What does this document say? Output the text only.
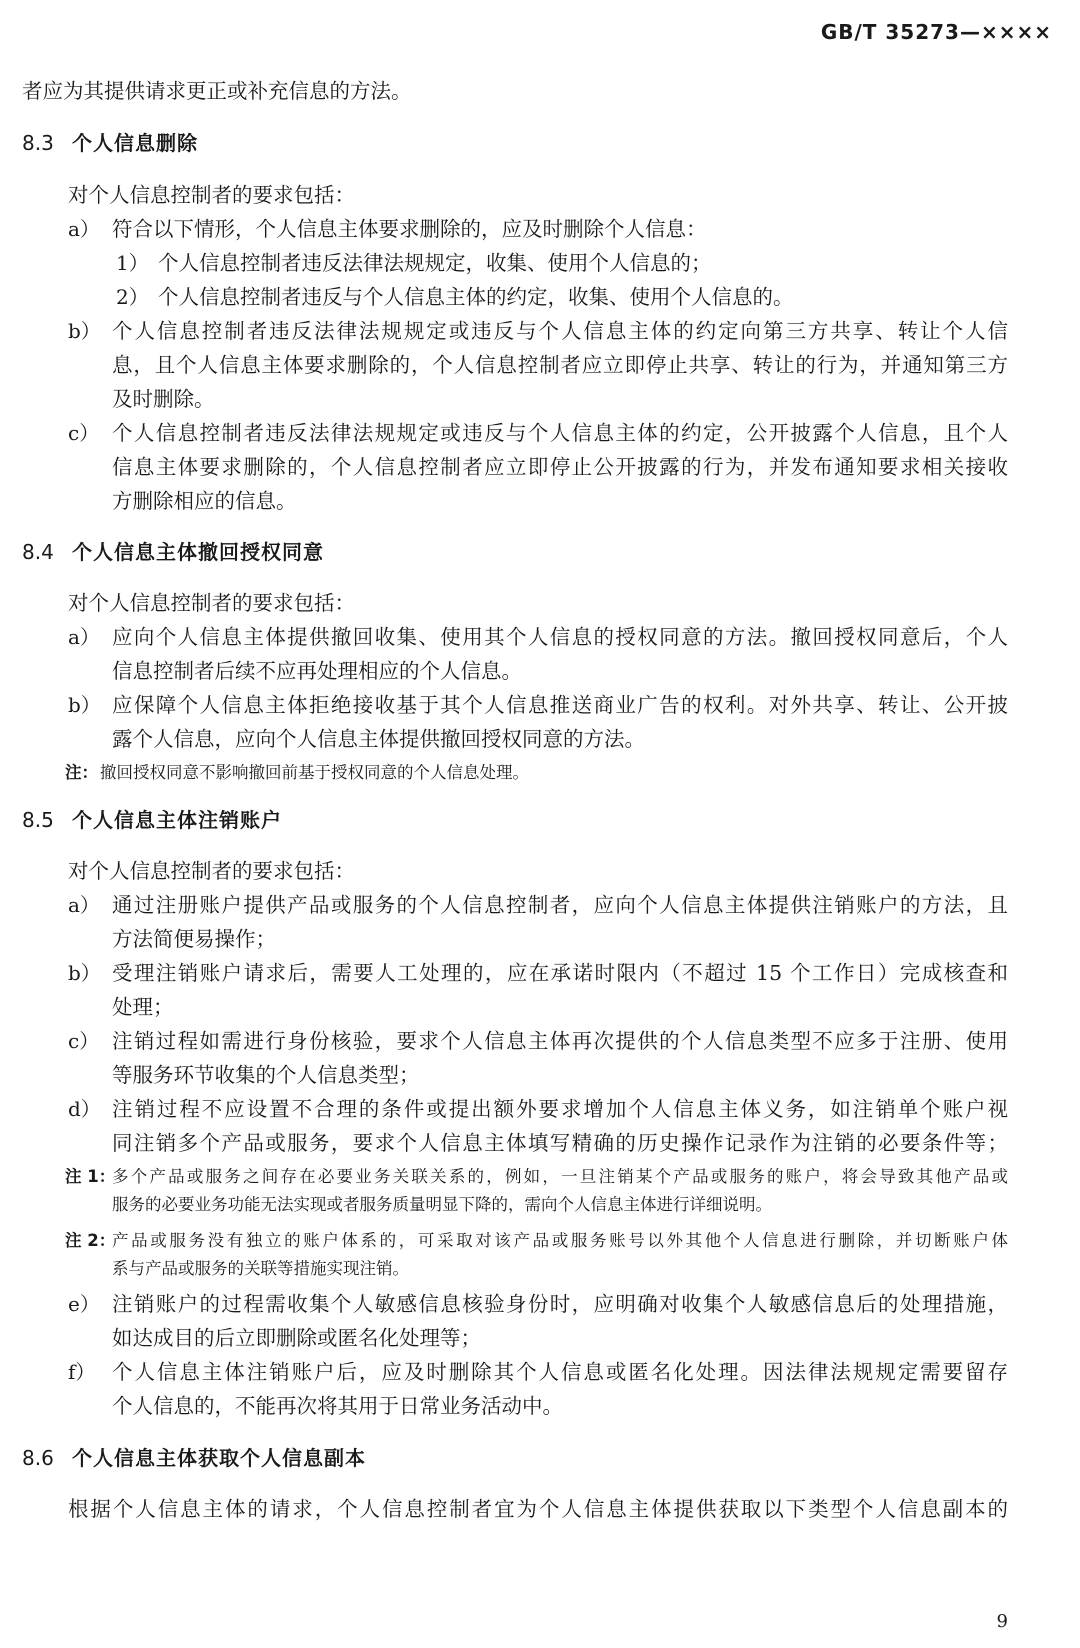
GB/T 35273—××××
者应为其提供请求更正或补充信息的方法。
8.3 个人信息删除
对个人信息控制者的要求包括：
a） 符合以下情形，个人信息主体要求删除的，应及时删除个人信息：
1） 个人信息控制者违反法律法规规定，收集、使用个人信息的；
2） 个人信息控制者违反与个人信息主体的约定，收集、使用个人信息的。
b） 个人信息控制者违反法律法规规定或违反与个人信息主体的约定向第三方共享、转让个人信
息，且个人信息主体要求删除的，个人信息控制者应立即停止共享、转让的行为，并通知第三方
及时删除。
c） 个人信息控制者违反法律法规规定或违反与个人信息主体的约定，公开披露个人信息，且个人
信息主体要求删除的，个人信息控制者应立即停止公开披露的行为，并发布通知要求相关接收
方删除相应的信息。
8.4 个人信息主体撤回授权同意
对个人信息控制者的要求包括：
a） 应向个人信息主体提供撤回收集、使用其个人信息的授权同意的方法。撤回授权同意后，个人
信息控制者后续不应再处理相应的个人信息。
b） 应保障个人信息主体拒绝接收基于其个人信息推送商业广告的权利。对外共享、转让、公开披
露个人信息，应向个人信息主体提供撤回授权同意的方法。
注： 撤回授权同意不影响撤回前基于授权同意的个人信息处理。
8.5 个人信息主体注销账户
对个人信息控制者的要求包括：
a） 通过注册账户提供产品或服务的个人信息控制者，应向个人信息主体提供注销账户的方法，且
方法简便易操作；
b） 受理注销账户请求后，需要人工处理的，应在承诺时限内（不超过 15 个工作日）完成核查和
处理；
c） 注销过程如需进行身份核验，要求个人信息主体再次提供的个人信息类型不应多于注册、使用
等服务环节收集的个人信息类型；
d） 注销过程不应设置不合理的条件或提出额外要求增加个人信息主体义务，如注销单个账户视
同注销多个产品或服务，要求个人信息主体填写精确的历史操作记录作为注销的必要条件等；
注 1：
多个产品或服务之间存在必要业务关联关系的，例如，一旦注销某个产品或服务的账户，将会导致其他产品或
服务的必要业务功能无法实现或者服务质量明显下降的，需向个人信息主体进行详细说明。
注 2：
产品或服务没有独立的账户体系的，可采取对该产品或服务账号以外其他个人信息进行删除，并切断账户体
系与产品或服务的关联等措施实现注销。
e） 注销账户的过程需收集个人敏感信息核验身份时，应明确对收集个人敏感信息后的处理措施，
如达成目的后立即删除或匿名化处理等；
f） 个人信息主体注销账户后，应及时删除其个人信息或匿名化处理。因法律法规规定需要留存
个人信息的，不能再次将其用于日常业务活动中。
8.6 个人信息主体获取个人信息副本
根据个人信息主体的请求，个人信息控制者宜为个人信息主体提供获取以下类型个人信息副本的
9
